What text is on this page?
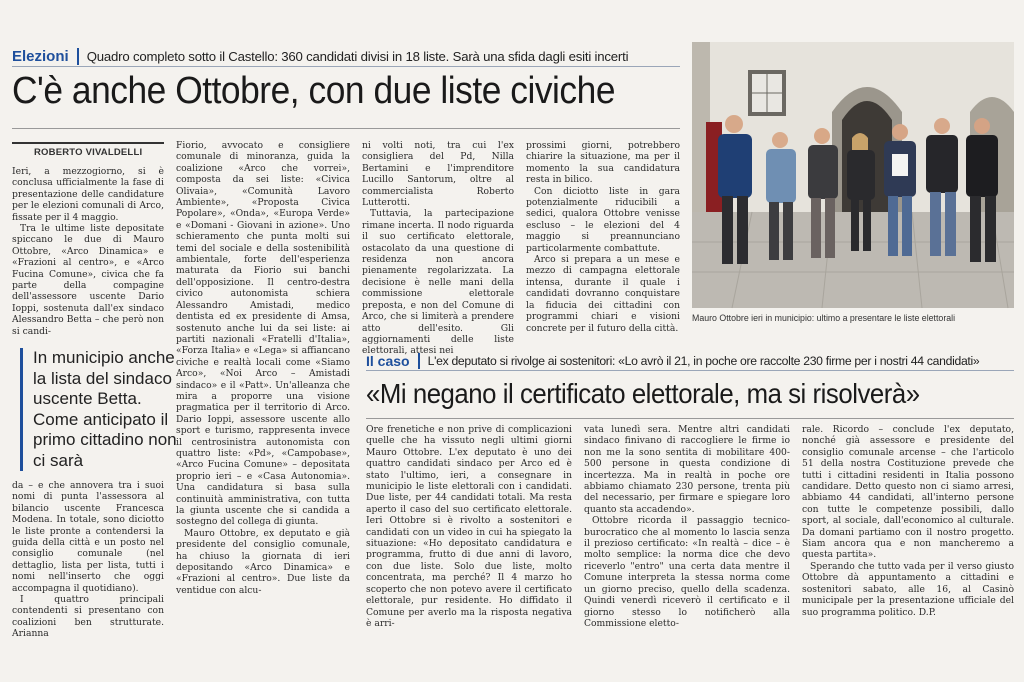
Elezioni	Quadro completo sotto il Castello: 360 candidati divisi in 18 liste. Sarà una sfida dagli esiti incerti
C'è anche Ottobre, con due liste civiche
ROBERTO VIVALDELLI

Ieri, a mezzogiorno, si è conclusa ufficialmente la fase di presentazione delle candidature per le elezioni comunali di Arco, fissate per il 4 maggio.

Tra le ultime liste depositate spiccano le due di Mauro Ottobre, «Arco Dinamica» e «Frazioni al centro», e «Arco Fucina Comune», civica che fa parte della compagine dell'assessore uscente Dario Ioppi, sostenuta dall'ex sindaco Alessandro Betta – che però non si candi-

In municipio anche la lista del sindaco uscente Betta. Come anticipato il primo cittadino non ci sarà

da – e che annovera tra i suoi nomi di punta l'assessora al bilancio uscente Francesca Modena. In totale, sono diciotto le liste pronte a contendersi la guida della città e un posto nel consiglio comunale (nel dettaglio, lista per lista, tutti i nomi nell'inserto che oggi accompagna il quotidiano).

I quattro principali contendenti si presentano con coalizioni ben strutturate. Arianna

Fiorio, avvocato e consigliere comunale di minoranza, guida la coalizione «Arco che vorrei», composta da sei liste: «Civica Olivaia», «Comunità Lavoro Ambiente», «Proposta Civica Popolare», «Onda», «Europa Verde» e «Domani - Giovani in azione». Uno schieramento che punta molti sui temi del sociale e della sostenibilità ambientale, forte dell'esperienza maturata da Fiorio sui banchi dell'opposizione. Il centro-destra civico autonomista schiera Alessandro Amistadi, medico dentista ed ex presidente di Amsa, sostenuto anche lui da sei liste: ai partiti nazionali «Fratelli d'Italia», «Forza Italia» e «Lega» si affiancano civiche e realtà locali come «Siamo Arco», «Noi Arco – Amistadi sindaco» e il «Patt». Un'alleanza che mira a proporre una visione pragmatica per il territorio di Arco. Dario Ioppi, assessore uscente allo sport e turismo, rappresenta invece il centrosinistra autonomista con quattro liste: «Pd», «Campobase», «Arco Fucina Comune» – depositata proprio ieri – e «Casa Autonomia». Una candidatura si basa sulla continuità amministrativa, con tutta la giunta uscente che si candida a sostegno del collega di giunta.

Mauro Ottobre, ex deputato e già presidente del consiglio comunale, ha chiuso la giornata di ieri depositando «Arco Dinamica» e «Frazioni al centro». Due liste da ventidue con alcu-

ni volti noti, tra cui l'ex consigliera del Pd, Nilla Bertamini e l'imprenditore Lucillo Santorum, oltre al commercialista Roberto Lutterotti.

Tuttavia, la partecipazione rimane incerta. Il nodo riguarda il suo certificato elettorale, ostacolato da una questione di residenza non ancora pienamente regolarizzata. La decisione è nelle mani della commissione elettorale preposta, e non del Comune di Arco, che si limiterà a prendere atto dell'esito. Gli aggiornamenti delle liste elettorali, attesi nei

prossimi giorni, potrebbero chiarire la situazione, ma per il momento la sua candidatura resta in bilico.

Con diciotto liste in gara potenzialmente riducibili a sedici, qualora Ottobre venisse escluso – le elezioni del 4 maggio si preannunciano particolarmente combattute.

Arco si prepara a un mese e mezzo di campagna elettorale intensa, durante il quale i candidati dovranno conquistare la fiducia dei cittadini con programmi chiari e visioni concrete per il futuro della città.

Mauro Ottobre ieri in municipio: ultimo a presentare le liste elettorali
Il caso	L'ex deputato si rivolge ai sostenitori: «Lo avrò il 21, in poche ore raccolte 230 firme per i nostri 44 candidati»
«Mi negano il certificato elettorale, ma si risolverà»

Ore frenetiche e non prive di complicazioni quelle che ha vissuto negli ultimi giorni Mauro Ottobre. L'ex deputato è uno dei quattro candidati sindaco per Arco ed è stato l'ultimo, ieri, a consegnare in municipio le liste elettorali con i candidati. Due liste, per 44 candidati totali. Ma resta aperto il caso del suo certificato elettorale. Ieri Ottobre si è rivolto a sostenitori e candidati con un video in cui ha spiegato la situazione: «Ho depositato candidatura e programma, frutto di due anni di lavoro, con due liste. Solo due liste, molto concentrata, ma perché? Il 4 marzo ho scoperto che non potevo avere il certificato elettorale, pur residente. Ho diffidato il Comune per averlo ma la risposta negativa è arri-

vata lunedì sera. Mentre altri candidati sindaco finivano di raccogliere le firme io non me la sono sentita di mobilitare 400-500 persone in questa condizione di incertezza. Ma in realtà in poche ore abbiamo chiamato 230 persone, trenta più del necessario, per firmare e spiegare loro quanto sta accadendo».

Ottobre ricorda il passaggio tecnico-burocratico che al momento lo lascia senza il prezioso certificato: «In realtà – dice – è molto semplice: la norma dice che devo riceverlo "entro" una certa data mentre il Comune interpreta la stessa norma come un giorno preciso, quello della scadenza. Quindi venerdì riceverò il certificato e il giorno stesso lo notificherò alla Commissione eletto-

rale. Ricordo – conclude l'ex deputato, nonché già assessore e presidente del consiglio comunale arcense – che l'articolo 51 della nostra Costituzione prevede che tutti i cittadini residenti in Italia possono candidare. Detto questo non ci siamo arresi, abbiamo 44 candidati, all'interno persone con tutte le competenze possibili, dallo sport, al sociale, dall'economico al culturale. Da domani partiamo con il nostro progetto. Siam ancora qua e non mancheremo a questa partita».

Sperando che tutto vada per il verso giusto Ottobre dà appuntamento a cittadini e sostenitori sabato, alle 16, al Casinò municipale per la presentazione ufficiale del suo programma politico. D.P.
